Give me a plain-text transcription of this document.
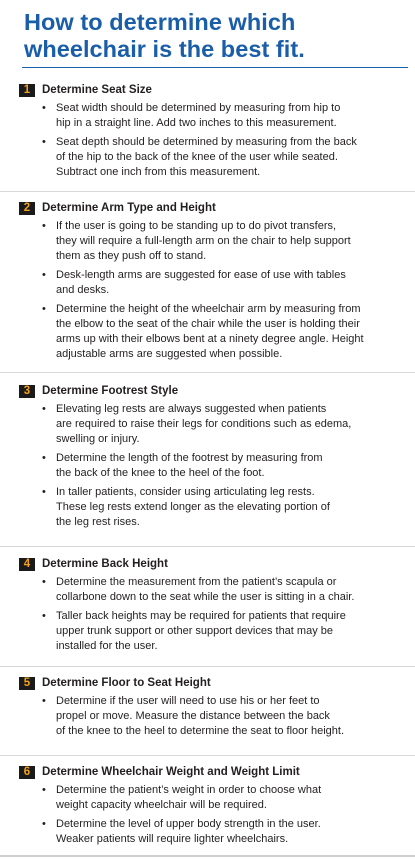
How to determine which
wheelchair is the best fit.
1	Determine Seat Size
• Seat width should be determined by measuring from hip to
hip in a straight line. Add two inches to this measurement.
• Seat depth should be determined by measuring from the back
of the hip to the back of the knee of the user while seated.
Subtract one inch from this measurement.
2	Determine Arm Type and Height
• If the user is going to be standing up to do pivot transfers,
they will require a full-length arm on the chair to help support
them as they push off to stand.
• Desk-length arms are suggested for ease of use with tables
and desks.
• Determine the height of the wheelchair arm by measuring from
the elbow to the seat of the chair while the user is holding their
arms up with their elbows bent at a ninety degree angle. Height
adjustable arms are suggested when possible.
3	Determine Footrest Style
• Elevating leg rests are always suggested when patients
are required to raise their legs for conditions such as edema,
swelling or injury.
• Determine the length of the footrest by measuring from
the back of the knee to the heel of the foot.
• In taller patients, consider using articulating leg rests.
These leg rests extend longer as the elevating portion of
the leg rest rises.
4	Determine Back Height
• Determine the measurement from the patient’s scapula or
collarbone down to the seat while the user is sitting in a chair.
• Taller back heights may be required for patients that require
upper trunk support or other support devices that may be
installed for the user.
5	Determine Floor to Seat Height
• Determine if the user will need to use his or her feet to
propel or move. Measure the distance between the back
of the knee to the heel to determine the seat to floor height.
6	Determine Wheelchair Weight and Weight Limit
• Determine the patient’s weight in order to choose what
weight capacity wheelchair will be required.
• Determine the level of upper body strength in the user.
Weaker patients will require lighter wheelchairs.
